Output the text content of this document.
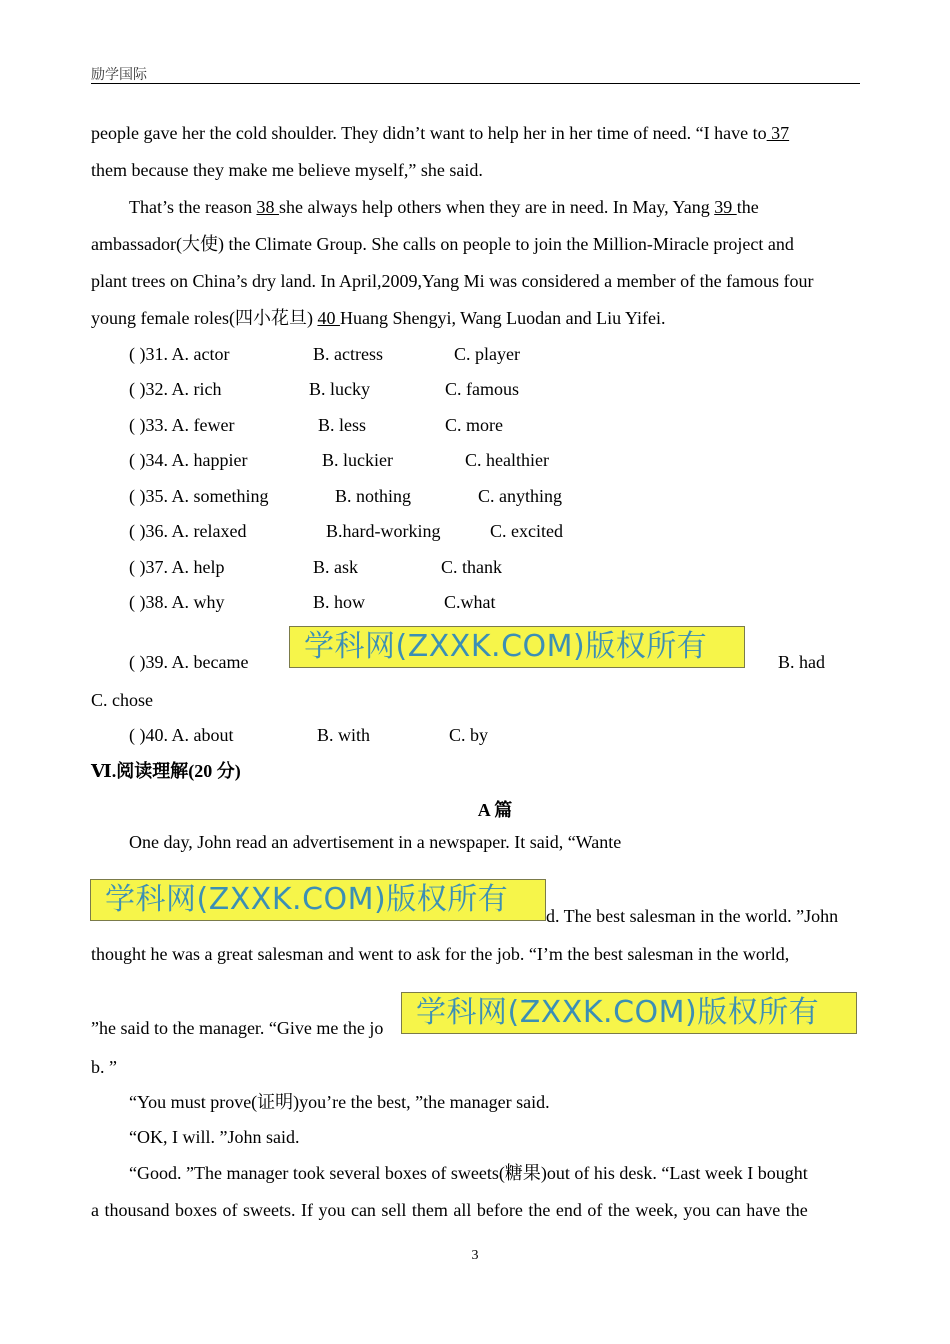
励学国际
people gave her the cold shoulder. They didn’t want to help her in her time of need. “I have to 37
them because they make me believe myself,” she said.
That’s the reason 38 she always help others when they are in need. In May, Yang 39 the
ambassador(大使) the Climate Group. She calls on people to join the Million-Miracle project and
plant trees on China’s dry land. In April,2009,Yang Mi was considered a member of the famous four
young female roles(四小花旦) 40 Huang Shengyi, Wang Luodan and Liu Yifei.
( )31. A. actor	B. actress	C. player
( )32. A. rich	B. lucky	C. famous
( )33. A. fewer	B. less	C. more
( )34. A. happier	B. luckier	C. healthier
( )35. A. something	B. nothing	C. anything
( )36. A. relaxed	B.hard-working	C. excited
( )37. A. help	B. ask	C. thank
( )38. A. why	B. how	C.what
( )39. A. became	学科网(ZXXK.COM)版权所有	B. had
C. chose
( )40. A. about	B. with	C. by
Ⅵ.阅读理解(20 分)
A 篇
One day, John read an advertisement in a newspaper. It said, “Wante
学科网(ZXXK.COM)版权所有	d. The best salesman in the world. ”John
thought he was a great salesman and went to ask for the job. “I’m the best salesman in the world,
”he said to the manager. “Give me the jo	学科网(ZXXK.COM)版权所有
b. ”
“You must prove(证明)you’re the best, ”the manager said.
“OK, I will. ”John said.
“Good. ”The manager took several boxes of sweets(糖果)out of his desk. “Last week I bought
a thousand boxes of sweets. If you can sell them all before the end of the week, you can have the
3
